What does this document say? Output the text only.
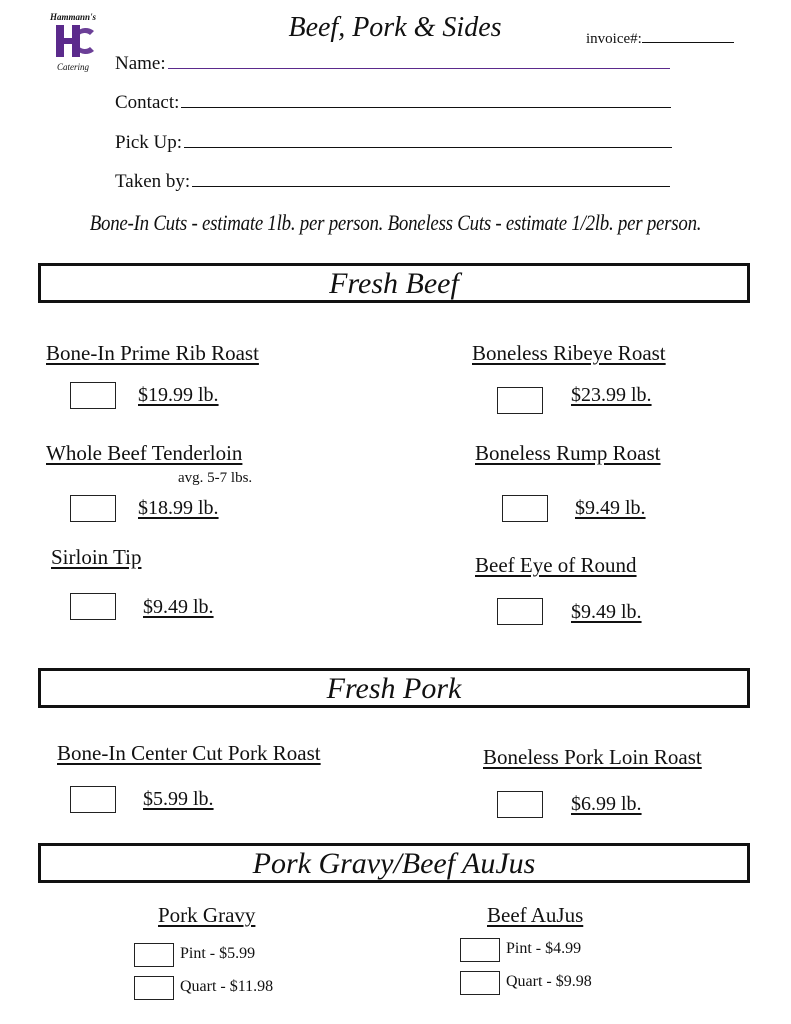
Hammann's
Catering
Beef, Pork & Sides	invoice#:
Name:
Contact:
Pick Up:
Taken by:
Bone-In Cuts - estimate 1lb. per person. Boneless Cuts - estimate 1/2lb. per person.
Fresh Beef
Bone-In Prime Rib Roast
$19.99 lb.
Boneless Ribeye Roast
$23.99 lb.
Whole Beef Tenderloin
avg. 5-7 lbs.
$18.99 lb.
Boneless Rump Roast
$9.49 lb.
Sirloin Tip
$9.49 lb.
Beef Eye of Round
$9.49 lb.
Fresh Pork
Bone-In Center Cut Pork Roast
$5.99 lb.
Boneless Pork Loin Roast
$6.99 lb.
Pork Gravy/Beef AuJus
Pork Gravy
Pint - $5.99
Quart - $11.98
Beef AuJus
Pint - $4.99
Quart - $9.98
